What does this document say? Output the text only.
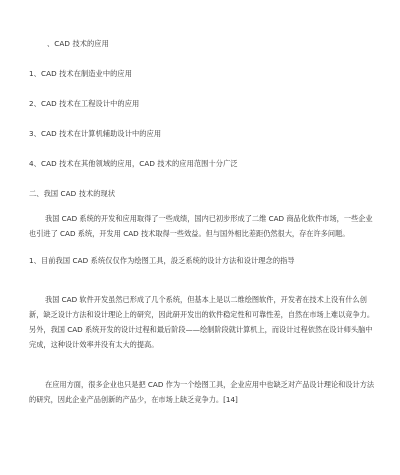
、CAD 技术的应用
1、CAD 技术在制造业中的应用
2、CAD 技术在工程设计中的应用
3、CAD 技术在计算机辅助设计中的应用
4、CAD 技术在其他领域的应用，CAD 技术的应用范围十分广泛
二、我国 CAD 技术的现状

我国 CAD 系统的开发和应用取得了一些成绩，国内已初步形成了二维 CAD 商品化软件市场，一些企业也引进了 CAD 系统，开发用 CAD 技术取得一些效益。但与国外相比差距仍然很大，存在许多问题。

1、目前我国 CAD 系统仅仅作为绘图工具，設乏系统的设计方法和设计理念的指导

我国 CAD 软件开发虽然已形成了几个系统，但基本上是以二维绘图软件，开发者在技术上没有什么创新，缺乏设计方法和设计理论上的研究，因此研开发出的软件稳定性和可靠性差，自然在市场上难以竞争力。另外，我国 CAD 系统开发的设计过程和最后阶段——绘制阶段就计算机上，而设计过程依然在设计师头脑中完成，这种设计效率并没有太大的提高。

在应用方面，很多企业也只是把 CAD 作为一个绘图工具，企业应用中也缺乏对产品设计理论和设计方法的研究，因此企业产品创新的产品少，在市场上缺乏竞争力。[14]
